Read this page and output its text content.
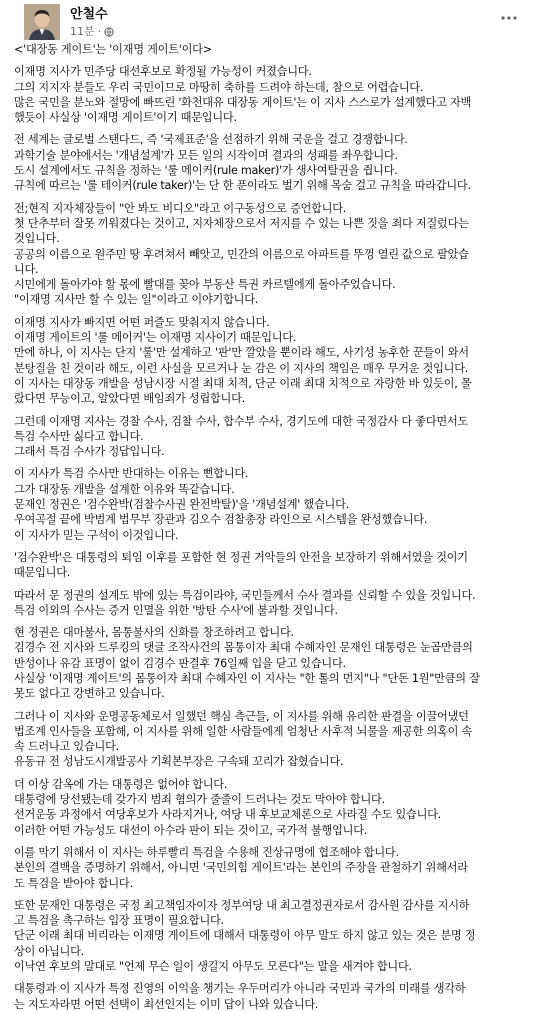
안철수
11분 ·
<'대장동 게이트'는 '이재명 게이트'이다>
이재명 지사가 민주당 대선후보로 확정될 가능성이 커졌습니다.
그의 지지자 분들도 우리 국민이므로 마땅히 축하를 드려야 하는데, 참으로 어렵습니다.
많은 국민을 분노와 절망에 빠뜨린 '화천대유 대장동 게이트'는 이 지사 스스로가 설계했다고 자백
했듯이 사실상 '이재명 게이트'이기 때문입니다.
전 세계는 글로벌 스탠다드, 즉 '국제표준'을 선점하기 위해 국운을 걸고 경쟁합니다.
과학기술 분야에서는 '개념설계'가 모든 일의 시작이며 결과의 성패를 좌우합니다.
도시 설계에서도 규칙을 정하는 '룰 메이커(rule maker)'가 생사여탈권을 쥡니다.
규칙에 따르는 '룰 테이커(rule taker)'는 단 한 푼이라도 벌기 위해 목숨 걸고 규칙을 따라갑니다.
전;현직 지자체장들이 "안 봐도 비디오"라고 이구동성으로 증언합니다.
첫 단추부터 잘못 끼워졌다는 것이고, 지자체장으로서 저지를 수 있는 나쁜 짓을 죄다 저질렀다는
것입니다.
공공의 이름으로 원주민 땅 후려쳐서 빼앗고, 민간의 이름으로 아파트를 뚜껑 열린 값으로 팔았습
니다.
시민에게 돌아가야 할 몫에 빨대를 꽂아 부동산 특권 카르텔에게 돌아주었습니다.
"이재명 지사만 할 수 있는 일"이라고 이야기합니다.
이재명 지사가 빠지면 어떤 퍼즐도 맞춰지지 않습니다.
이재명 게이트의 '룰 메이커'는 이재명 지사이기 때문입니다.
만에 하나, 이 지사는 단지 '룰'만 설계하고 '판'만 깔았을 뿐이라 해도, 사기성 농후한 꾼들이 와서
분탕질을 친 것이라 해도, 이런 사실을 모르거나 눈 감은 이 지사의 책임은 매우 무거운 것입니다.
이 지사는 대장동 개발을 성남시장 시절 최대 치적, 단군 이래 최대 치적으로 자랑한 바 있듯이, 몰
랐다면 무능이고, 알았다면 배임죄가 성립합니다.
그런데 이재명 지사는 경찰 수사, 검찰 수사, 합수부 수사, 경기도에 대한 국정감사 다 좋다면서도
특검 수사만 싫다고 합니다.
그래서 특검 수사가 정답입니다.
이 지사가 특검 수사만 반대하는 이유는 뻔합니다.
그가 대장동 개발을 설계한 이유와 똑같습니다.
문재인 정권은 '검수완박(검찰수사권 완전박탈)'을 '개념설계' 했습니다.
우여곡절 끝에 박범계 법무부 장관과 김오수 검찰총장 라인으로 시스템을 완성했습니다.
이 지사가 믿는 구석이 이것입니다.
'검수완박'은 대통령의 퇴임 이후를 포함한 현 정권 거악들의 안전을 보장하기 위해서였을 것이기
때문입니다.
따라서 문 정권의 설계도 밖에 있는 특검이라야, 국민들께서 수사 결과를 신뢰할 수 있을 것입니다.
특검 이외의 수사는 증거 인멸을 위한 '방탄 수사'에 불과할 것입니다.
현 정권은 대마불사, 몸통불사의 신화를 창조하려고 합니다.
김경수 전 지사와 드루킹의 댓글 조작사건의 몸통이자 최대 수혜자인 문재인 대통령은 눈곱만큼의
반성이나 유감 표명이 없이 김경수 판결후 76일째 입을 닫고 있습니다.
사실상 '이재명 게이트'의 몸통이자 최대 수혜자인 이 지사는 "한 톨의 먼지"나 "단돈 1원"만큼의 잘
못도 없다고 강변하고 있습니다.
그러나 이 지사와 운명공동체로서 일했던 핵심 측근들, 이 지사를 위해 유리한 판결을 이끌어냈던
법조계 인사들을 포함해, 이 지사를 위해 일한 사람들에게 엄청난 사후적 뇌물을 제공한 의혹이 속
속 드러나고 있습니다.
유동규 전 성남도시개발공사 기획본부장은 구속돼 꼬리가 잡혔습니다.
더 이상 감옥에 가는 대통령은 없어야 합니다.
대통령에 당선됐는데 갖가지 범죄 혐의가 줄줄이 드러나는 것도 막아야 합니다.
선거운동 과정에서 여당후보가 사라지거나, 여당 내 후보교체론으로 사라질 수도 있습니다.
이러한 어떤 가능성도 대선이 아수라 판이 되는 것이고, 국가적 불행입니다.
이를 막기 위해서 이 지사는 하루빨리 특검을 수용해 진상규명에 협조해야 합니다.
본인의 결백을 증명하기 위해서, 아니면 '국민의힘 게이트'라는 본인의 주장을 관철하기 위해서라
도 특검을 받아야 합니다.
또한 문재인 대통령은 국정 최고책임자이자 정부여당 내 최고결정권자로서 감사원 감사를 지시하
고 특검을 촉구하는 입장 표명이 필요합니다.
단군 이래 최대 비리라는 이재명 게이트에 대해서 대통령이 아무 말도 하지 않고 있는 것은 분명 정
상이 아닙니다.
이낙연 후보의 말대로 "언제 무슨 일이 생길지 아무도 모른다"는 말을 새겨야 합니다.
대통령과 이 지사가 특정 진영의 이익을 챙기는 우두머리가 아니라 국민과 국가의 미래를 생각하
는 지도자라면 어떤 선택이 최선인지는 이미 답이 나와 있습니다.
